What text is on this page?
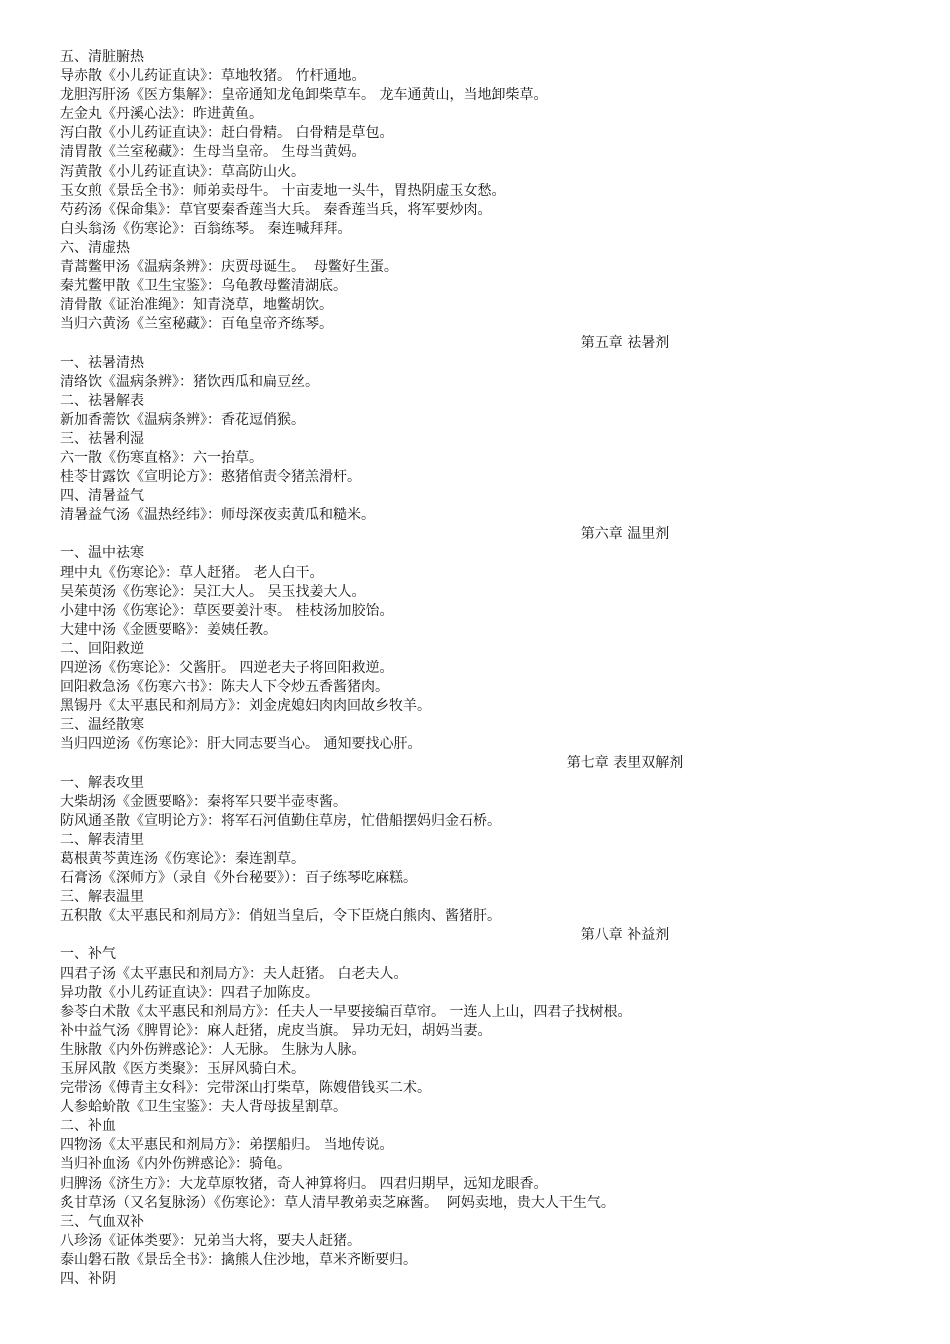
五、清脏腑热
导赤散《小儿药证直诀》：草地牧猪。 竹杆通地。
龙胆泻肝汤《医方集解》：皇帝通知龙龟卸柴草车。 龙车通黄山，当地卸柴草。
左金丸《丹溪心法》：昨进黄鱼。
泻白散《小儿药证直诀》：赶白骨精。 白骨精是草包。
清胃散《兰室秘藏》：生母当皇帝。 生母当黄妈。
泻黄散《小儿药证直诀》：草高防山火。
玉女煎《景岳全书》：师弟卖母牛。 十亩麦地一头牛，胃热阴虚玉女愁。
芍药汤《保命集》：草官要秦香莲当大兵。 秦香莲当兵，将军要炒肉。
白头翁汤《伤寒论》：百翁练琴。 秦连喊拜拜。
六、清虚热
青蒿鳖甲汤《温病条辨》：庆贾母诞生。  母鳖好生蛋。
秦艽鳖甲散《卫生宝鉴》：乌龟教母鳖清湖底。
清骨散《证治准绳》：知青浇草，地鳖胡饮。
当归六黄汤《兰室秘藏》：百龟皇帝齐练琴。
第五章 祛暑剂
一、祛暑清热
清络饮《温病条辨》：猪饮西瓜和扁豆丝。
二、祛暑解表
新加香薷饮《温病条辨》：香花逗俏猴。
三、祛暑利湿
六一散《伤寒直格》：六一抬草。
桂苓甘露饮《宣明论方》：憨猪倌责令猪羔滑杆。
四、清暑益气
清暑益气汤《温热经纬》：师母深夜卖黄瓜和糙米。
第六章 温里剂
一、温中祛寒
理中丸《伤寒论》：草人赶猪。 老人白干。
吴茱萸汤《伤寒论》：吴江大人。 吴玉找姜大人。
小建中汤《伤寒论》：草医要姜汁枣。 桂枝汤加胶饴。
大建中汤《金匮要略》：姜姨任教。
二、回阳救逆
四逆汤《伤寒论》：父酱肝。 四逆老夫子将回阳救逆。
回阳救急汤《伤寒六书》：陈夫人下令炒五香酱猪肉。
黑锡丹《太平惠民和剂局方》：刘金虎媳妇肉肉回故乡牧羊。
三、温经散寒
当归四逆汤《伤寒论》：肝大同志要当心。 通知要找心肝。
第七章 表里双解剂
一、解表攻里
大柴胡汤《金匮要略》：秦将军只要半壶枣酱。
防风通圣散《宣明论方》：将军石河值勤住草房，忙借船摆妈归金石桥。
二、解表清里
葛根黄芩黄连汤《伤寒论》：秦连割草。
石膏汤《深师方》（录自《外台秘要》）：百子练琴吃麻糕。
三、解表温里
五积散《太平惠民和剂局方》：俏妞当皇后，令下臣烧白熊肉、酱猪肝。
第八章 补益剂
一、补气
四君子汤《太平惠民和剂局方》：夫人赶猪。 白老夫人。
异功散《小儿药证直诀》：四君子加陈皮。
参苓白术散《太平惠民和剂局方》：任夫人一早要接编百草帘。 一连人上山，四君子找树根。
补中益气汤《脾胃论》：麻人赶猪，虎皮当旗。 异功无妇，胡妈当妻。
生脉散《内外伤辨惑论》：人无脉。 生脉为人脉。
玉屏风散《医方类聚》：玉屏风骑白术。
完带汤《傅青主女科》：完带深山打柴草，陈嫂借钱买二术。
人参蛤蚧散《卫生宝鉴》：夫人背母拔星割草。
二、补血
四物汤《太平惠民和剂局方》：弟摆船归。 当地传说。
当归补血汤《内外伤辨惑论》：骑龟。
归脾汤《济生方》：大龙草原牧猪，奇人神算将归。 四君归期早，远知龙眼香。
炙甘草汤（又名复脉汤）《伤寒论》：草人清早教弟卖芝麻酱。  阿妈卖地，贵大人干生气。
三、气血双补
八珍汤《证体类要》：兄弟当大将，要夫人赶猪。
泰山磐石散《景岳全书》：擒熊人住沙地，草米齐断要归。
四、补阴
